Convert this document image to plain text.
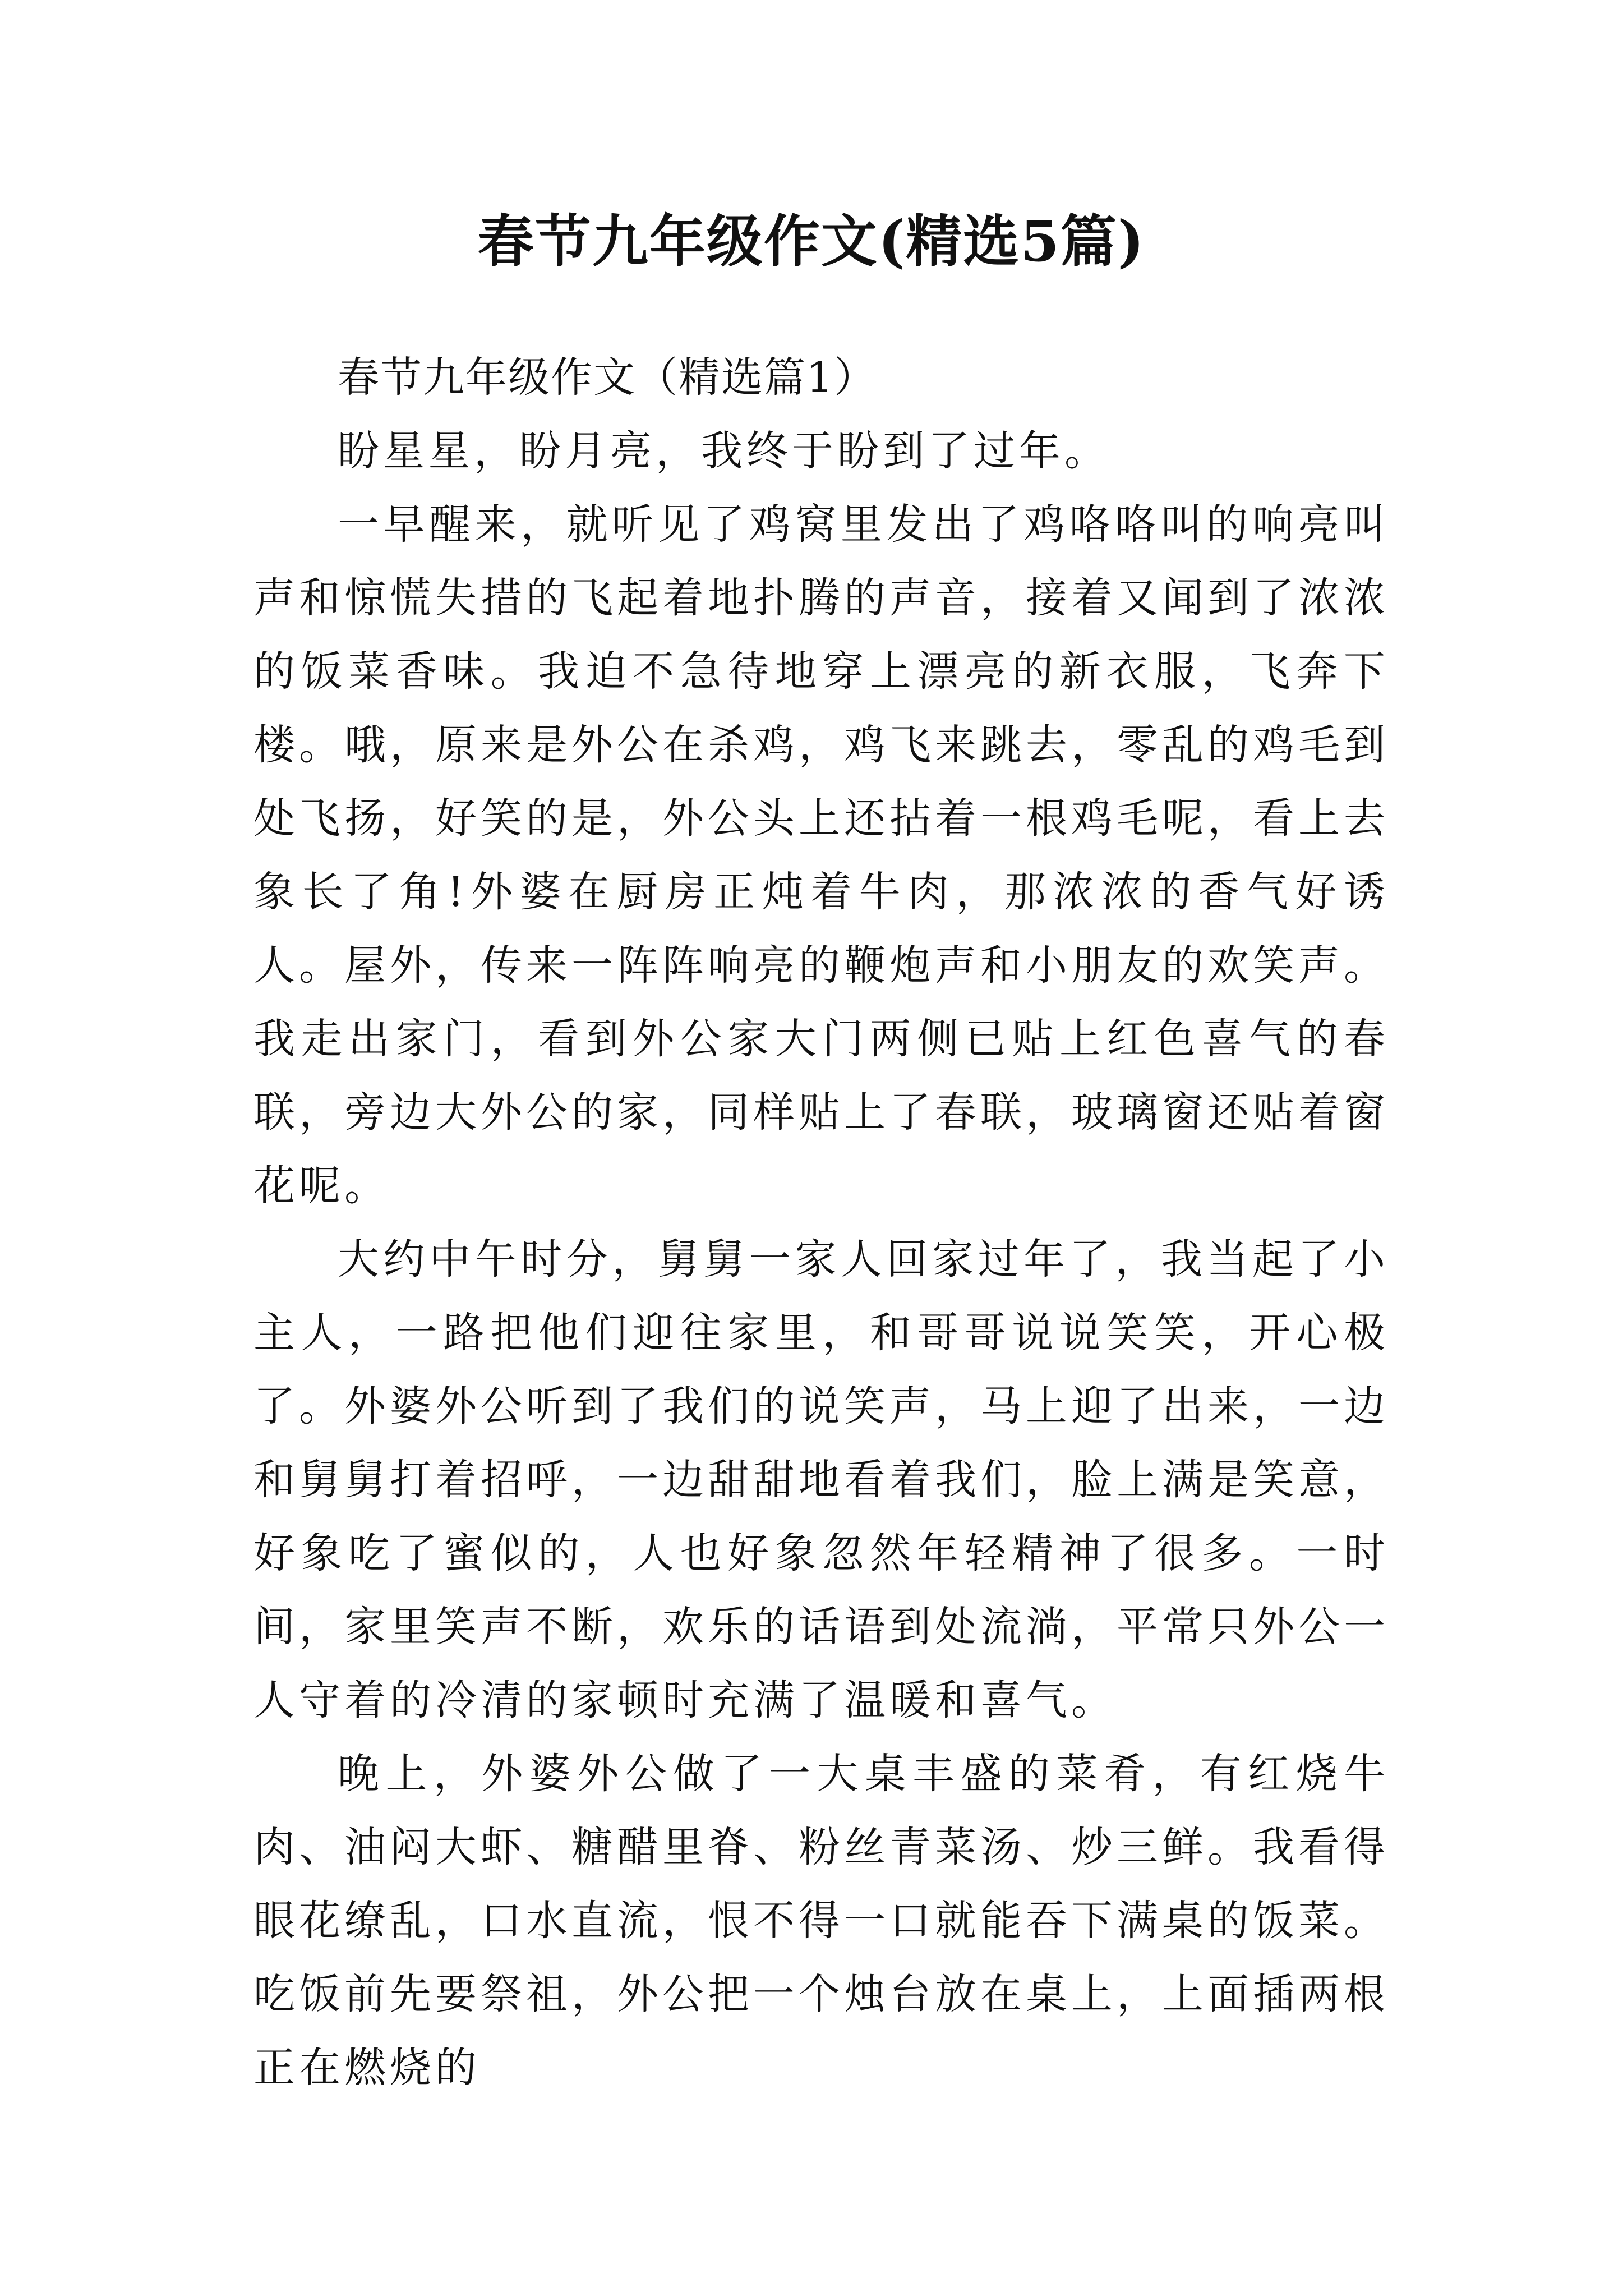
春节九年级作文(精选5篇)

春节九年级作文（精选篇1）

盼星星，盼月亮，我终于盼到了过年。

一早醒来，就听见了鸡窝里发出了鸡咯咯叫的响亮叫声和惊慌失措的飞起着地扑腾的声音，接着又闻到了浓浓的饭菜香味。我迫不急待地穿上漂亮的新衣服，飞奔下楼。哦，原来是外公在杀鸡，鸡飞来跳去，零乱的鸡毛到处飞扬，好笑的是，外公头上还拈着一根鸡毛呢，看上去象长了角!外婆在厨房正炖着牛肉，那浓浓的香气好诱人。屋外，传来一阵阵响亮的鞭炮声和小朋友的欢笑声。我走出家门，看到外公家大门两侧已贴上红色喜气的春联，旁边大外公的家，同样贴上了春联，玻璃窗还贴着窗花呢。

大约中午时分，舅舅一家人回家过年了，我当起了小主人，一路把他们迎往家里，和哥哥说说笑笑，开心极了。外婆外公听到了我们的说笑声，马上迎了出来，一边和舅舅打着招呼，一边甜甜地看着我们，脸上满是笑意，好象吃了蜜似的，人也好象忽然年轻精神了很多。一时间，家里笑声不断，欢乐的话语到处流淌，平常只外公一人守着的冷清的家顿时充满了温暖和喜气。

晚上，外婆外公做了一大桌丰盛的菜肴，有红烧牛肉、油闷大虾、糖醋里脊、粉丝青菜汤、炒三鲜。我看得眼花缭乱，口水直流，恨不得一口就能吞下满桌的饭菜。吃饭前先要祭祖，外公把一个烛台放在桌上，上面插两根正在燃烧的
